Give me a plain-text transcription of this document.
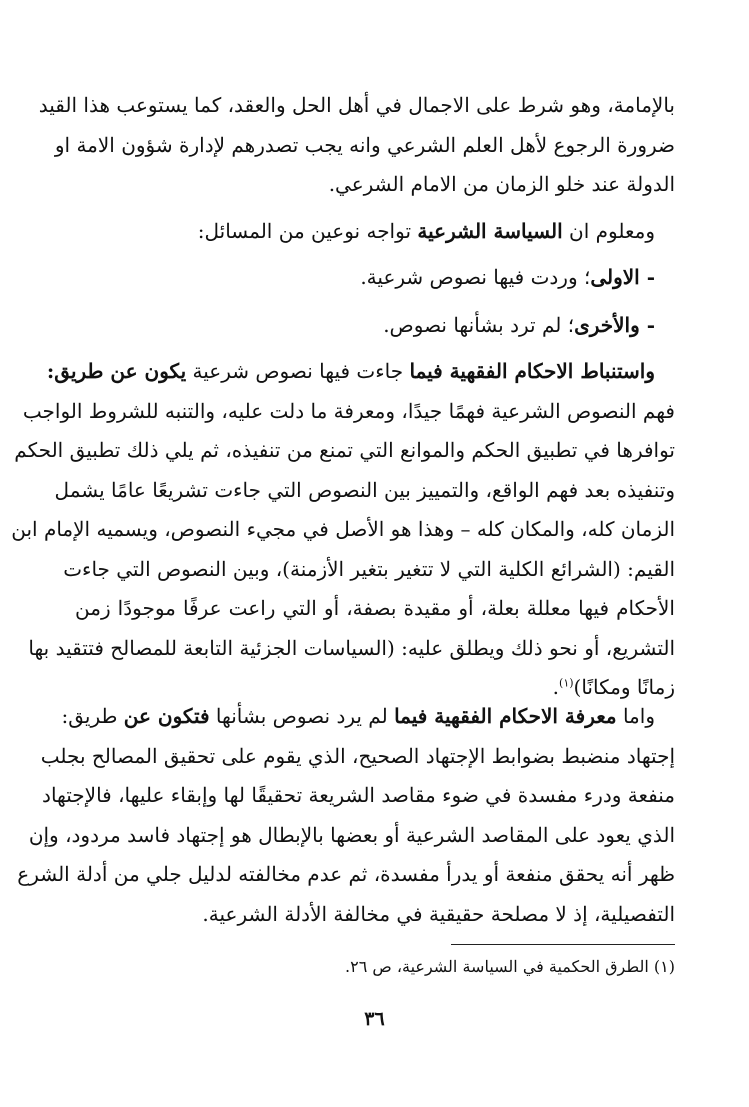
بالإمامة، وهو شرط على الاجمال في أهل الحل والعقد، كما يستوعب هذا القيد
ضرورة الرجوع لأهل العلم الشرعي وانه يجب تصدرهم لإدارة شؤون الامة او
الدولة عند خلو الزمان من الامام الشرعي.
ومعلوم ان السياسة الشرعية تواجه نوعين من المسائل:
- الاولى؛ وردت فيها نصوص شرعية.
- والأخرى؛ لم ترد بشأنها نصوص.
واستنباط الاحكام الفقهية فيما جاءت فيها نصوص شرعية يكون عن طريق:
فهم النصوص الشرعية فهمًا جيدًا، ومعرفة ما دلت عليه، والتنبه للشروط الواجب
توافرها في تطبيق الحكم والموانع التي تمنع من تنفيذه، ثم يلي ذلك تطبيق الحكم
وتنفيذه بعد فهم الواقع، والتمييز بين النصوص التي جاءت تشريعًا عامًا يشمل
الزمان كله، والمكان كله – وهذا هو الأصل في مجيء النصوص، ويسميه الإمام ابن
القيم: (الشرائع الكلية التي لا تتغير بتغير الأزمنة)، وبين النصوص التي جاءت
الأحكام فيها معللة بعلة، أو مقيدة بصفة، أو التي راعت عرفًا موجودًا زمن
التشريع، أو نحو ذلك ويطلق عليه: (السياسات الجزئية التابعة للمصالح فتتقيد بها
زمانًا ومكانًا)$^{(١)}$.
واما معرفة الاحكام الفقهية فيما لم يرد نصوص بشأنها فتكون عن طريق:
إجتهاد منضبط بضوابط الإجتهاد الصحيح، الذي يقوم على تحقيق المصالح بجلب
منفعة ودرء مفسدة في ضوء مقاصد الشريعة تحقيقًا لها وإبقاء عليها، فالإجتهاد
الذي يعود على المقاصد الشرعية أو بعضها بالإبطال هو إجتهاد فاسد مردود، وإن
ظهر أنه يحقق منفعة أو يدرأ مفسدة، ثم عدم مخالفته لدليل جلي من أدلة الشرع
التفصيلية، إذ لا مصلحة حقيقية في مخالفة الأدلة الشرعية.
(١) الطرق الحكمية في السياسة الشرعية، ص ٢٦.
٣٦
